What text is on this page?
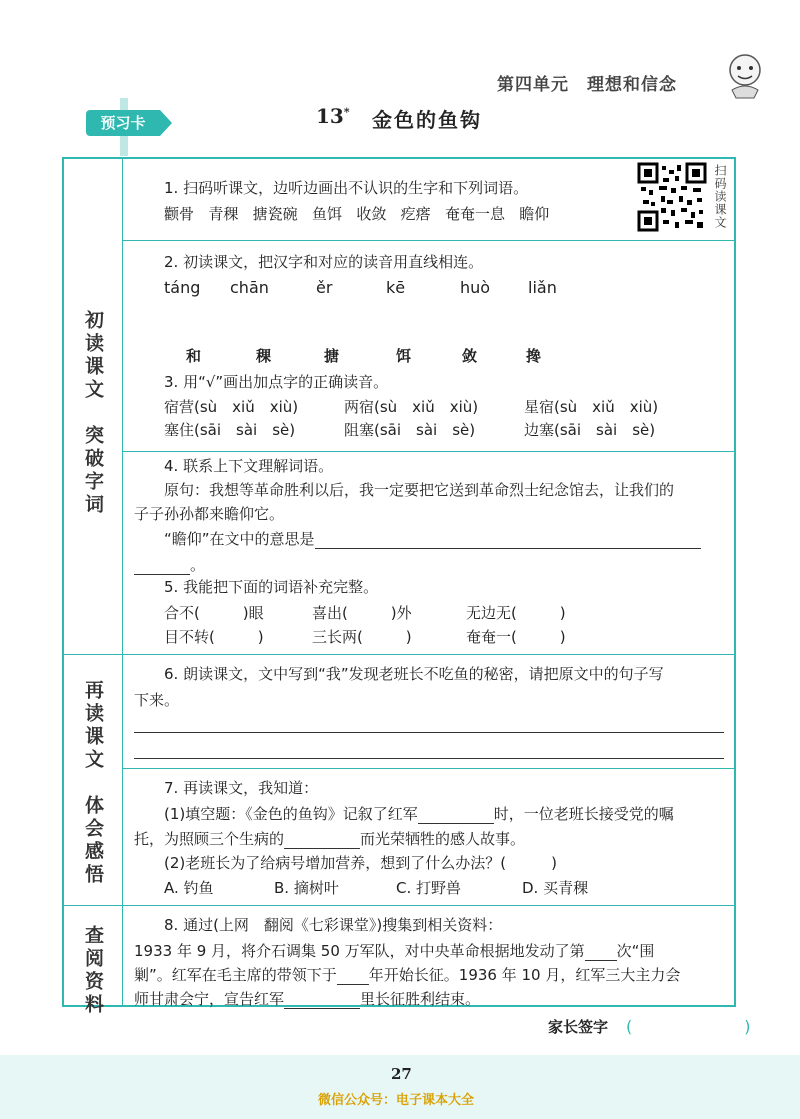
第四单元　理想和信念
预习卡	13* 金色的鱼钩
初读课文　突破字词
再读课文　体会感悟
查阅资料
1. 扫码听课文，边听边画出不认识的生字和下列词语。
颧骨 青稞 搪瓷碗 鱼饵 收敛 疙瘩 奄奄一息 瞻仰	扫码读课文
2. 初读课文，把汉字和对应的读音用直线相连。
táng chān	ěr	kē	huò liǎn
和	稞	搪	饵	敛	搀
3. 用“√”画出加点字的正确读音。
宿营(sù　xiǔ　xiù)	两宿(sù　xiǔ　xiù)	星宿(sù　xiǔ　xiù)
塞住(sāi　sài　sè)	阻塞(sāi　sài　sè)	边塞(sāi　sài　sè)
4. 联系上下文理解词语。
原句：我想等革命胜利以后，我一定要把它送到革命烈士纪念馆去，让我们的
子子孙孙都来瞻仰它。
“瞻仰”在文中的意思是
。
5. 我能把下面的词语补充完整。
合不(	)眼	喜出(	)外	无边无(	)
目不转(	)	三长两(	)	奄奄一(	)
6. 朗读课文，文中写到“我”发现老班长不吃鱼的秘密，请把原文中的句子写
下来。
7. 再读课文，我知道：
(1)填空题：《金色的鱼钩》记叙了红军	时，一位老班长接受党的嘱
托，为照顾三个生病的	而光荣牺牲的感人故事。
(2)老班长为了给病号增加营养，想到了什么办法？(　　　)
A. 钓鱼	B. 摘树叶	C. 打野兽	D. 买青稞
8. 通过(上网　翻阅《七彩课堂》)搜集到相关资料：
1933 年 9 月，将介石调集 50 万军队，对中央革命根据地发动了第 次“围
剿”。红军在毛主席的带领下于 年开始长征。1936 年 10 月，红军三大主力会
师甘肃会宁，宣告红军	里长征胜利结束。
家长签字 (　　　　　　　)
27
微信公众号：电子课本大全
